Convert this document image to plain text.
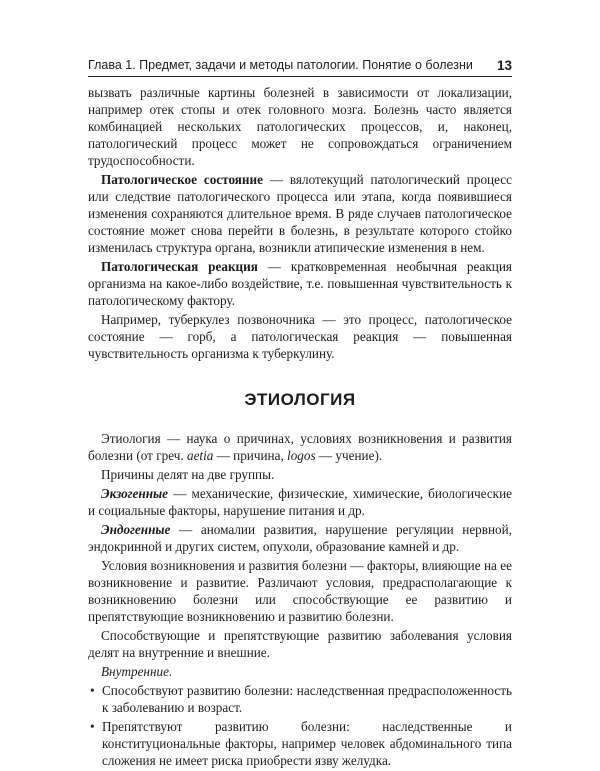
Глава 1. Предмет, задачи и методы патологии. Понятие о болезни 13

вызвать различные картины болезней в зависимости от локализации, например отек стопы и отек головного мозга. Болезнь часто является комбинацией нескольких патологических процессов, и, наконец, патологический процесс может не сопровождаться ограничением трудоспособности.

Патологическое состояние — вялотекущий патологический процесс или следствие патологического процесса или этапа, когда появившиеся изменения сохраняются длительное время. В ряде случаев патологическое состояние может снова перейти в болезнь, в результате которого стойко изменилась структура органа, возникли атипические изменения в нем.

Патологическая реакция — кратковременная необычная реакция организма на какое-либо воздействие, т.е. повышенная чувствительность к патологическому фактору.

Например, туберкулез позвоночника — это процесс, патологическое состояние — горб, а патологическая реакция — повышенная чувствительность организма к туберкулину.

ЭТИОЛОГИЯ

Этиология — наука о причинах, условиях возникновения и развития болезни (от греч. aetia — причина, logos — учение).

Причины делят на две группы.

Экзогенные — механические, физические, химические, биологические и социальные факторы, нарушение питания и др.

Эндогенные — аномалии развития, нарушение регуляции нервной, эндокринной и других систем, опухоли, образование камней и др.

Условия возникновения и развития болезни — факторы, влияющие на ее возникновение и развитие. Различают условия, предрасполагающие к возникновению болезни или способствующие ее развитию и препятствующие возникновению и развитию болезни.

Способствующие и препятствующие развитию заболевания условия делят на внутренние и внешние.

Внутренние.
• Способствуют развитию болезни: наследственная предрасположенность к заболеванию и возраст.
• Препятствуют развитию болезни: наследственные и конституциональные факторы, например человек абдоминального типа сложения не имеет риска приобрести язву желудка.
